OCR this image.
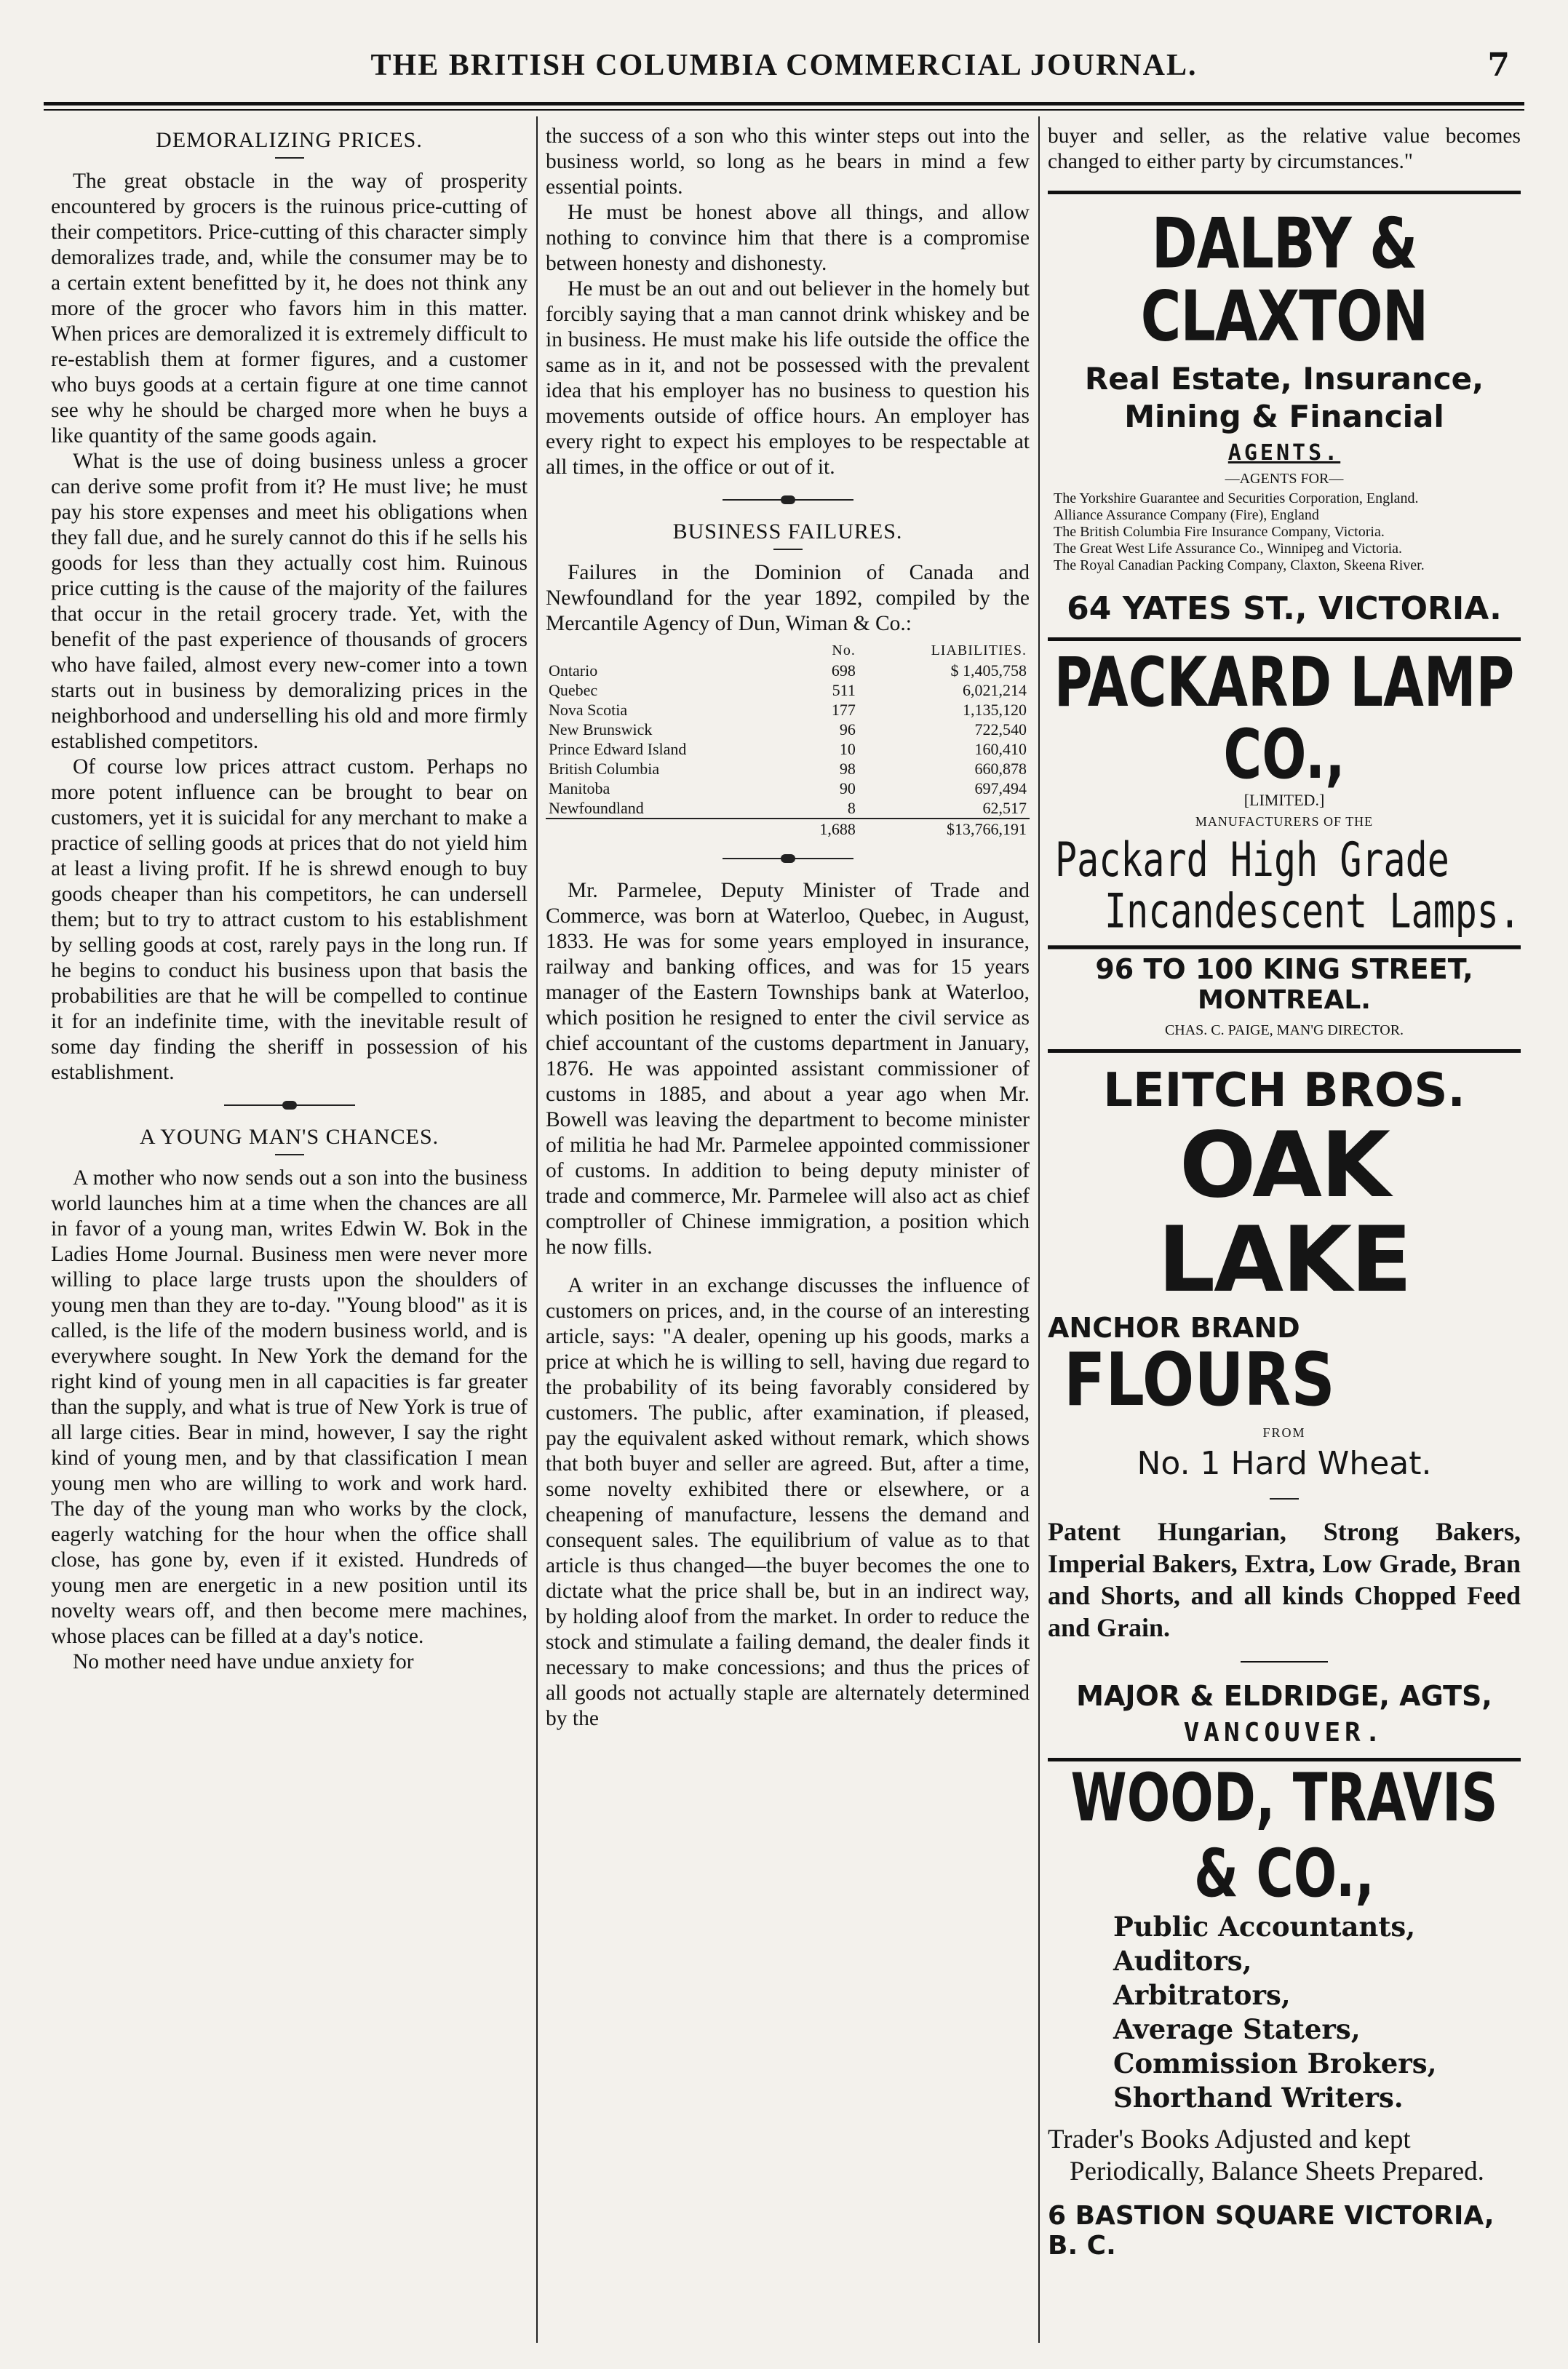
THE BRITISH COLUMBIA COMMERCIAL JOURNAL.	7
DEMORALIZING PRICES.

The great obstacle in the way of prosperity encountered by grocers is the ruinous price-cutting of their competitors. Price-cutting of this character simply demoralizes trade, and, while the consumer may be to a certain extent benefitted by it, he does not think any more of the grocer who favors him in this matter. When prices are demoralized it is extremely difficult to re-establish them at former figures, and a customer who buys goods at a certain figure at one time cannot see why he should be charged more when he buys a like quantity of the same goods again.

What is the use of doing business unless a grocer can derive some profit from it? He must live; he must pay his store expenses and meet his obligations when they fall due, and he surely cannot do this if he sells his goods for less than they actually cost him. Ruinous price cutting is the cause of the majority of the failures that occur in the retail grocery trade. Yet, with the benefit of the past experience of thousands of grocers who have failed, almost every new-comer into a town starts out in business by demoralizing prices in the neighborhood and underselling his old and more firmly established competitors.

Of course low prices attract custom. Perhaps no more potent influence can be brought to bear on customers, yet it is suicidal for any merchant to make a practice of selling goods at prices that do not yield him at least a living profit. If he is shrewd enough to buy goods cheaper than his competitors, he can undersell them; but to try to attract custom to his establishment by selling goods at cost, rarely pays in the long run. If he begins to conduct his business upon that basis the probabilities are that he will be compelled to continue it for an indefinite time, with the inevitable result of some day finding the sheriff in possession of his establishment.

A YOUNG MAN'S CHANCES.

A mother who now sends out a son into the business world launches him at a time when the chances are all in favor of a young man, writes Edwin W. Bok in the Ladies Home Journal. Business men were never more willing to place large trusts upon the shoulders of young men than they are to-day. "Young blood" as it is called, is the life of the modern business world, and is everywhere sought. In New York the demand for the right kind of young men in all capacities is far greater than the supply, and what is true of New York is true of all large cities. Bear in mind, however, I say the right kind of young men, and by that classification I mean young men who are willing to work and work hard. The day of the young man who works by the clock, eagerly watching for the hour when the office shall close, has gone by, even if it existed. Hundreds of young men are energetic in a new position until its novelty wears off, and then become mere machines, whose places can be filled at a day's notice.

No mother need have undue anxiety for

the success of a son who this winter steps out into the business world, so long as he bears in mind a few essential points.

He must be honest above all things, and allow nothing to convince him that there is a compromise between honesty and dishonesty.

He must be an out and out believer in the homely but forcibly saying that a man cannot drink whiskey and be in business. He must make his life outside the office the same as in it, and not be possessed with the prevalent idea that his employer has no business to question his movements outside of office hours. An employer has every right to expect his employes to be respectable at all times, in the office or out of it.

BUSINESS FAILURES.

Failures in the Dominion of Canada and Newfoundland for the year 1892, compiled by the Mercantile Agency of Dun, Wiman & Co.:

	No.	LIABILITIES.
Ontario	698	$ 1,405,758
Quebec	511	6,021,214
Nova Scotia	177	1,135,120
New Brunswick	96	722,540
Prince Edward Island	10	160,410
British Columbia	98	660,878
Manitoba	90	697,494
Newfoundland	8	62,517
	1,688	$13,766,191

Mr. Parmelee, Deputy Minister of Trade and Commerce, was born at Waterloo, Quebec, in August, 1833. He was for some years employed in insurance, railway and banking offices, and was for 15 years manager of the Eastern Townships bank at Waterloo, which position he resigned to enter the civil service as chief accountant of the customs department in January, 1876. He was appointed assistant commissioner of customs in 1885, and about a year ago when Mr. Bowell was leaving the department to become minister of militia he had Mr. Parmelee appointed commissioner of customs. In addition to being deputy minister of trade and commerce, Mr. Parmelee will also act as chief comptroller of Chinese immigration, a position which he now fills.

A writer in an exchange discusses the influence of customers on prices, and, in the course of an interesting article, says: "A dealer, opening up his goods, marks a price at which he is willing to sell, having due regard to the probability of its being favorably considered by customers. The public, after examination, if pleased, pay the equivalent asked without remark, which shows that both buyer and seller are agreed. But, after a time, some novelty exhibited there or elsewhere, or a cheapening of manufacture, lessens the demand and consequent sales. The equilibrium of value as to that article is thus changed—the buyer becomes the one to dictate what the price shall be, but in an indirect way, by holding aloof from the market. In order to reduce the stock and stimulate a failing demand, the dealer finds it necessary to make concessions; and thus the prices of all goods not actually staple are alternately determined by the

buyer and seller, as the relative value becomes changed to either party by circumstances."

DALBY & CLAXTON
Real Estate, Insurance,
Mining & Financial
AGENTS.
—AGENTS FOR—
The Yorkshire Guarantee and Securities Corporation, England.
Alliance Assurance Company (Fire), England
The British Columbia Fire Insurance Company, Victoria.
The Great West Life Assurance Co., Winnipeg and Victoria.
The Royal Canadian Packing Company, Claxton, Skeena River.
64 YATES ST., VICTORIA.
PACKARD LAMP CO.,
[LIMITED.]
MANUFACTURERS OF THE
Packard High Grade
Incandescent Lamps.
96 TO 100 KING STREET,
MONTREAL.
CHAS. C. PAIGE, MAN'G DIRECTOR.
LEITCH BROS.
OAK LAKE
ANCHOR BRAND FLOURS
FROM
No. 1 Hard Wheat.

Patent Hungarian, Strong Bakers, Imperial Bakers, Extra, Low Grade, Bran and Shorts, and all kinds Chopped Feed and Grain.

MAJOR & ELDRIDGE, AGTS,
VANCOUVER.
WOOD, TRAVIS & CO.,
Public Accountants,
Auditors,
Arbitrators,
Average Staters,
Commission Brokers,
Shorthand Writers.
Trader's Books Adjusted and kept Periodically, Balance Sheets Prepared.
6 BASTION SQUARE VICTORIA, B. C.
